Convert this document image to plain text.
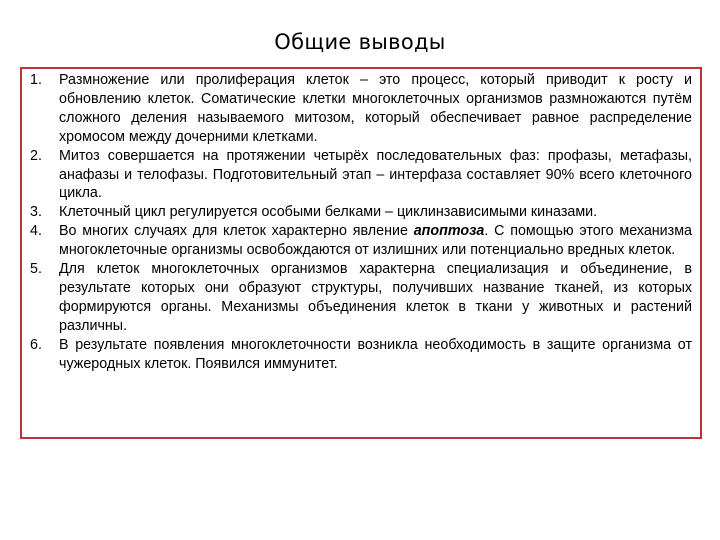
Общие выводы
1. Размножение или пролиферация клеток – это процесс, который приводит к росту и обновлению клеток. Соматические клетки многоклеточных организмов размножаются путём сложного деления называемого митозом, который обеспечивает равное распределение хромосом между дочерними клетками.
2. Митоз совершается на протяжении четырёх последовательных фаз: профазы, метафазы, анафазы и телофазы. Подготовительный этап – интерфаза составляет 90% всего клеточного цикла.
3. Клеточный цикл регулируется особыми белками – циклинзависимыми киназами.
4. Во многих случаях для клеток характерно явление апоптоза. С помощью этого механизма многоклеточные организмы освобождаются от излишних или потенциально вредных клеток.
5. Для клеток многоклеточных организмов характерна специализация и объединение, в результате которых они образуют структуры, получивших название тканей, из которых формируются органы. Механизмы объединения клеток в ткани у животных и растений различны.
6. В результате появления многоклеточности возникла необходимость в защите организма от чужеродных клеток. Появился иммунитет.
